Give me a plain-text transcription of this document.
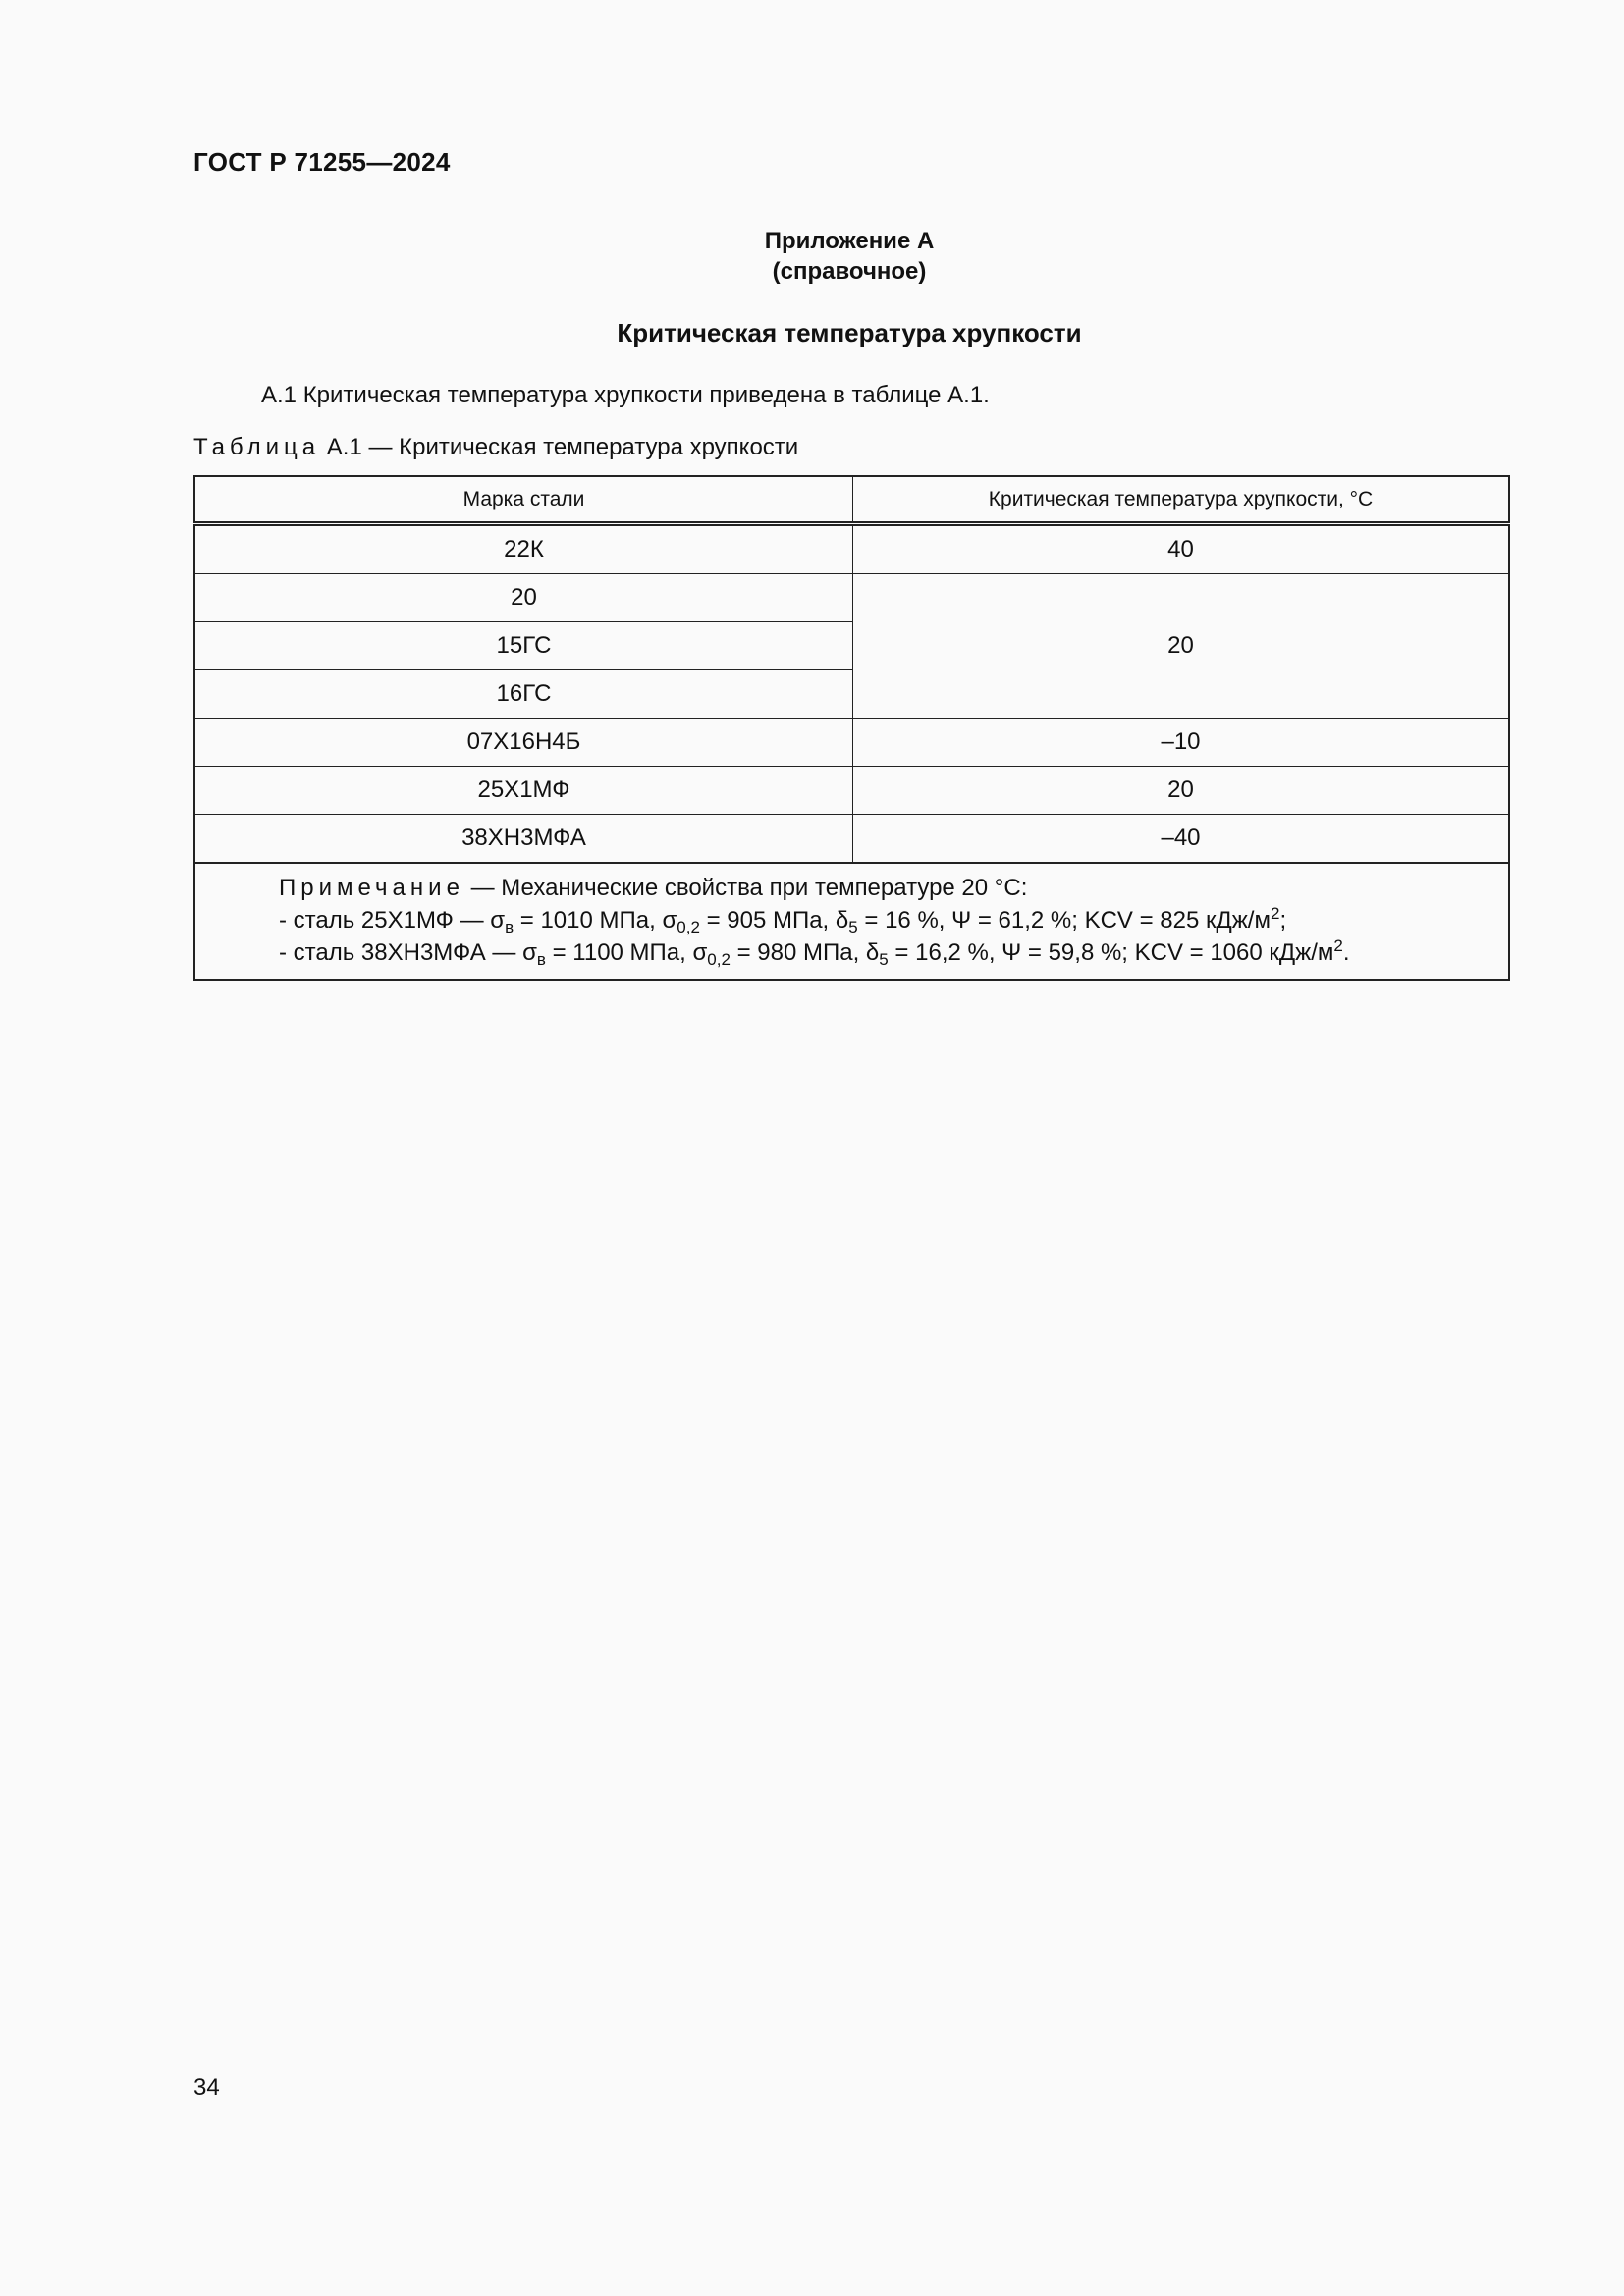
ГОСТ Р 71255—2024
Приложение А
(справочное)
Критическая температура хрупкости
А.1 Критическая температура хрупкости приведена в таблице А.1.
Таблица А.1 — Критическая температура хрупкости
Марка стали	Критическая температура хрупкости, °С
22К	40
20	20
15ГС	
16ГС	
07Х16Н4Б	–10
25Х1МФ	20
38ХН3МФА	–40

Примечание — Механические свойства при температуре 20 °С:
- сталь 25Х1МФ — $\sigma_в = 1010$ МПа, $\sigma_{0,2} = 905$ МПа, $\delta_5 = 16$ %, Ψ = 61,2 %; KCV = 825 кДж/$м^2$;
- сталь 38ХН3МФА — $\sigma_в = 1100$ МПа, $\sigma_{0,2} = 980$ МПа, $\delta_5 = 16,2$ %, Ψ = 59,8 %; KCV = 1060 кДж/$м^2$.	
34
